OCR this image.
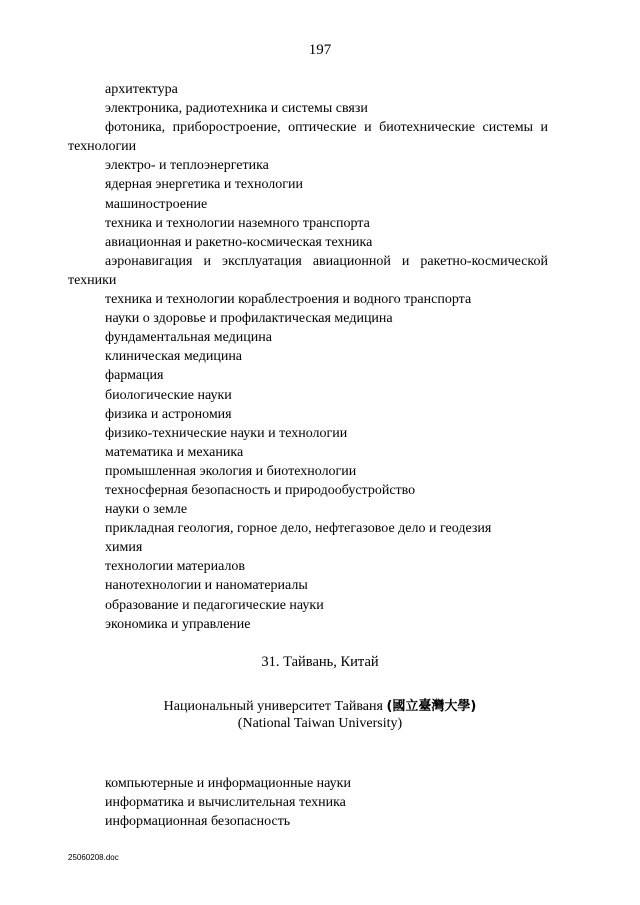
197
архитектура
электроника, радиотехника и системы связи
фотоника, приборостроение, оптические и биотехнические системы и технологии
электро- и теплоэнергетика
ядерная энергетика и технологии
машиностроение
техника и технологии наземного транспорта
авиационная и ракетно-космическая техника
аэронавигация и эксплуатация авиационной и ракетно-космической техники
техника и технологии кораблестроения и водного транспорта
науки о здоровье и профилактическая медицина
фундаментальная медицина
клиническая медицина
фармация
биологические науки
физика и астрономия
физико-технические науки и технологии
математика и механика
промышленная экология и биотехнологии
техносферная безопасность и природообустройство
науки о земле
прикладная геология, горное дело, нефтегазовое дело и геодезия
химия
технологии материалов
нанотехнологии и наноматериалы
образование и педагогические науки
экономика и управление
31. Тайвань, Китай
Национальный университет Тайваня (國立臺灣大學)
(National Taiwan University)
компьютерные и информационные науки
информатика и вычислительная техника
информационная безопасность
25060208.doc
